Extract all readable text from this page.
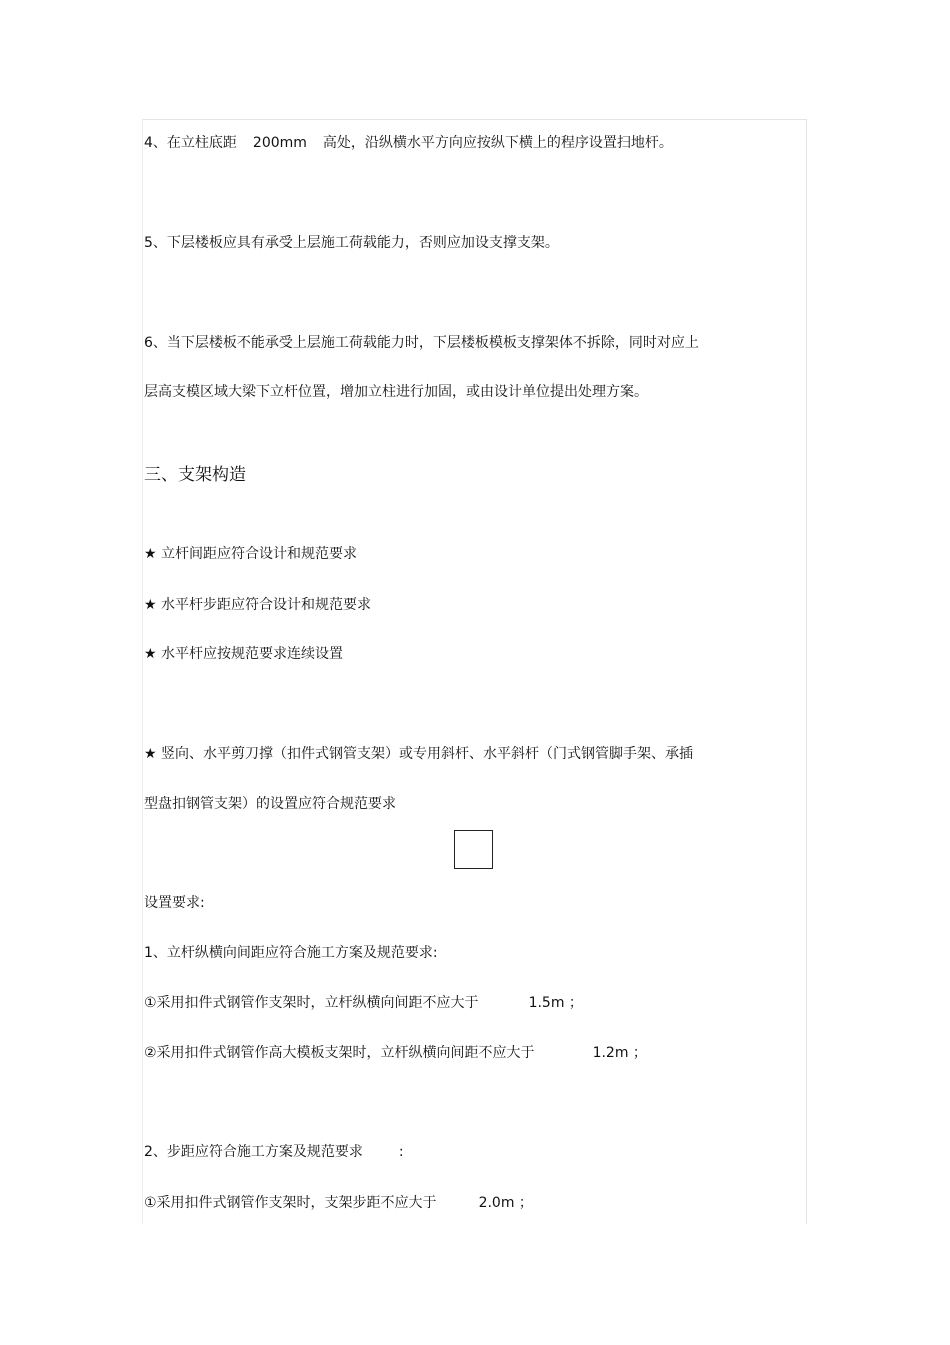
4、在立柱底距 200mm 高处，沿纵横水平方向应按纵下横上的程序设置扫地杆。
5、下层楼板应具有承受上层施工荷载能力，否则应加设支撑支架。
6、当下层楼板不能承受上层施工荷载能力时，下层楼板模板支撑架体不拆除，同时对应上
层高支模区域大梁下立杆位置，增加立柱进行加固，或由设计单位提出处理方案。
三、支架构造
★ 立杆间距应符合设计和规范要求
★ 水平杆步距应符合设计和规范要求
★ 水平杆应按规范要求连续设置
★ 竖向、水平剪刀撑（扣件式钢管支架）或专用斜杆、水平斜杆（门式钢管脚手架、承插
型盘扣钢管支架）的设置应符合规范要求
设置要求:
1、立杆纵横向间距应符合施工方案及规范要求:
①采用扣件式钢管作支架时，立杆纵横向间距不应大于	1.5m ；
②采用扣件式钢管作高大模板支架时，立杆纵横向间距不应大于	1.2m ；
2、步距应符合施工方案及规范要求	:
①采用扣件式钢管作支架时，支架步距不应大于	2.0m ；
